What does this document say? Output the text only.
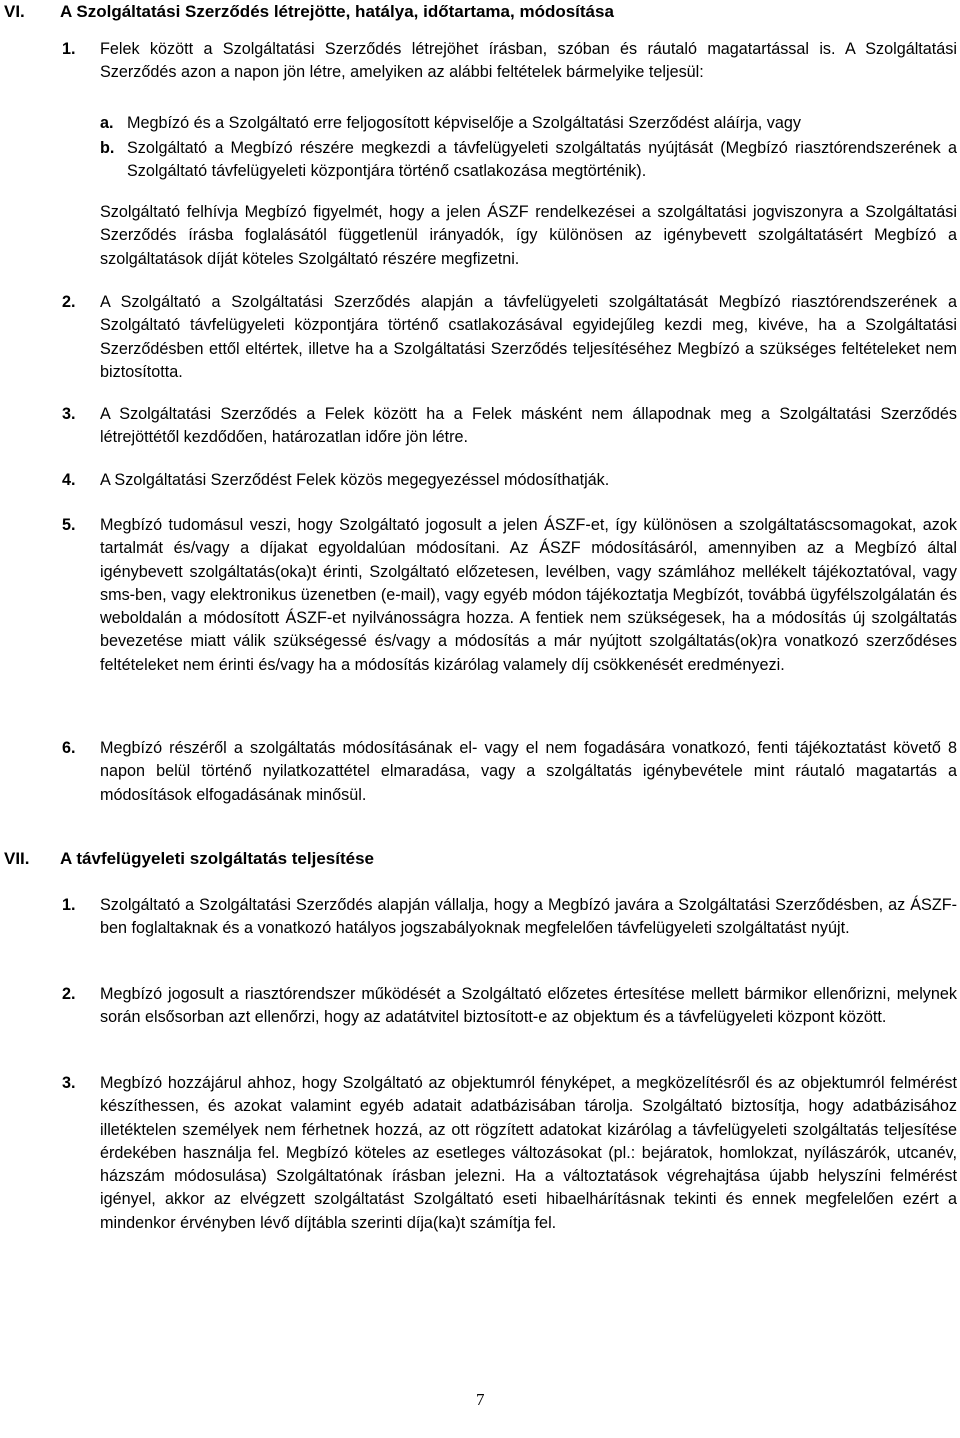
VI. A Szolgáltatási Szerződés létrejötte, hatálya, időtartama, módosítása
1. Felek között a Szolgáltatási Szerződés létrejöhet írásban, szóban és ráutaló magatartással is. A Szolgáltatási Szerződés azon a napon jön létre, amelyiken az alábbi feltételek bármelyike teljesül:
a. Megbízó és a Szolgáltató erre feljogosított képviselője a Szolgáltatási Szerződést aláírja, vagy
b. Szolgáltató a Megbízó részére megkezdi a távfelügyeleti szolgáltatás nyújtását (Megbízó riasztórendszerének a Szolgáltató távfelügyeleti központjára történő csatlakozása megtörténik).
Szolgáltató felhívja Megbízó figyelmét, hogy a jelen ÁSZF rendelkezései a szolgáltatási jogviszonyra a Szolgáltatási Szerződés írásba foglalásától függetlenül irányadók, így különösen az igénybevett szolgáltatásért Megbízó a szolgáltatások díját köteles Szolgáltató részére megfizetni.
2. A Szolgáltató a Szolgáltatási Szerződés alapján a távfelügyeleti szolgáltatását Megbízó riasztórendszerének a Szolgáltató távfelügyeleti központjára történő csatlakozásával egyidejűleg kezdi meg, kivéve, ha a Szolgáltatási Szerződésben ettől eltértek, illetve ha a Szolgáltatási Szerződés teljesítéséhez Megbízó a szükséges feltételeket nem biztosította.
3. A Szolgáltatási Szerződés a Felek között ha a Felek másként nem állapodnak meg a Szolgáltatási Szerződés létrejöttétől kezdődően, határozatlan időre jön létre.
4. A Szolgáltatási Szerződést Felek közös megegyezéssel módosíthatják.
5. Megbízó tudomásul veszi, hogy Szolgáltató jogosult a jelen ÁSZF-et, így különösen a szolgáltatáscsomagokat, azok tartalmát és/vagy a díjakat egyoldalúan módosítani. Az ÁSZF módosításáról, amennyiben az a Megbízó által igénybevett szolgáltatás(oka)t érinti, Szolgáltató előzetesen, levélben, vagy számlához mellékelt tájékoztatóval, vagy sms-ben, vagy elektronikus üzenetben (e-mail), vagy egyéb módon tájékoztatja Megbízót, továbbá ügyfélszolgálatán és weboldalán a módosított ÁSZF-et nyilvánosságra hozza. A fentiek nem szükségesek, ha a módosítás új szolgáltatás bevezetése miatt válik szükségessé és/vagy a módosítás a már nyújtott szolgáltatás(ok)ra vonatkozó szerződéses feltételeket nem érinti és/vagy ha a módosítás kizárólag valamely díj csökkenését eredményezi.
6. Megbízó részéről a szolgáltatás módosításának el- vagy el nem fogadására vonatkozó, fenti tájékoztatást követő 8 napon belül történő nyilatkozattétel elmaradása, vagy a szolgáltatás igénybevétele mint ráutaló magatartás a módosítások elfogadásának minősül.
VII. A távfelügyeleti szolgáltatás teljesítése
1. Szolgáltató a Szolgáltatási Szerződés alapján vállalja, hogy a Megbízó javára a Szolgáltatási Szerződésben, az ÁSZF-ben foglaltaknak és a vonatkozó hatályos jogszabályoknak megfelelően távfelügyeleti szolgáltatást nyújt.
2. Megbízó jogosult a riasztórendszer működését a Szolgáltató előzetes értesítése mellett bármikor ellenőrizni, melynek során elsősorban azt ellenőrzi, hogy az adatátvitel biztosított-e az objektum és a távfelügyeleti központ között.
3. Megbízó hozzájárul ahhoz, hogy Szolgáltató az objektumról fényképet, a megközelítésről és az objektumról felmérést készíthessen, és azokat valamint egyéb adatait adatbázisában tárolja. Szolgáltató biztosítja, hogy adatbázisához illetéktelen személyek nem férhetnek hozzá, az ott rögzített adatokat kizárólag a távfelügyeleti szolgáltatás teljesítése érdekében használja fel. Megbízó köteles az esetleges változásokat (pl.: bejáratok, homlokzat, nyílászárók, utcanév, házszám módosulása) Szolgáltatónak írásban jelezni. Ha a változtatások végrehajtása újabb helyszíni felmérést igényel, akkor az elvégzett szolgáltatást Szolgáltató eseti hibaelhárításnak tekinti és ennek megfelelően ezért a mindenkor érvényben lévő díjtábla szerinti díja(ka)t számítja fel.
7
